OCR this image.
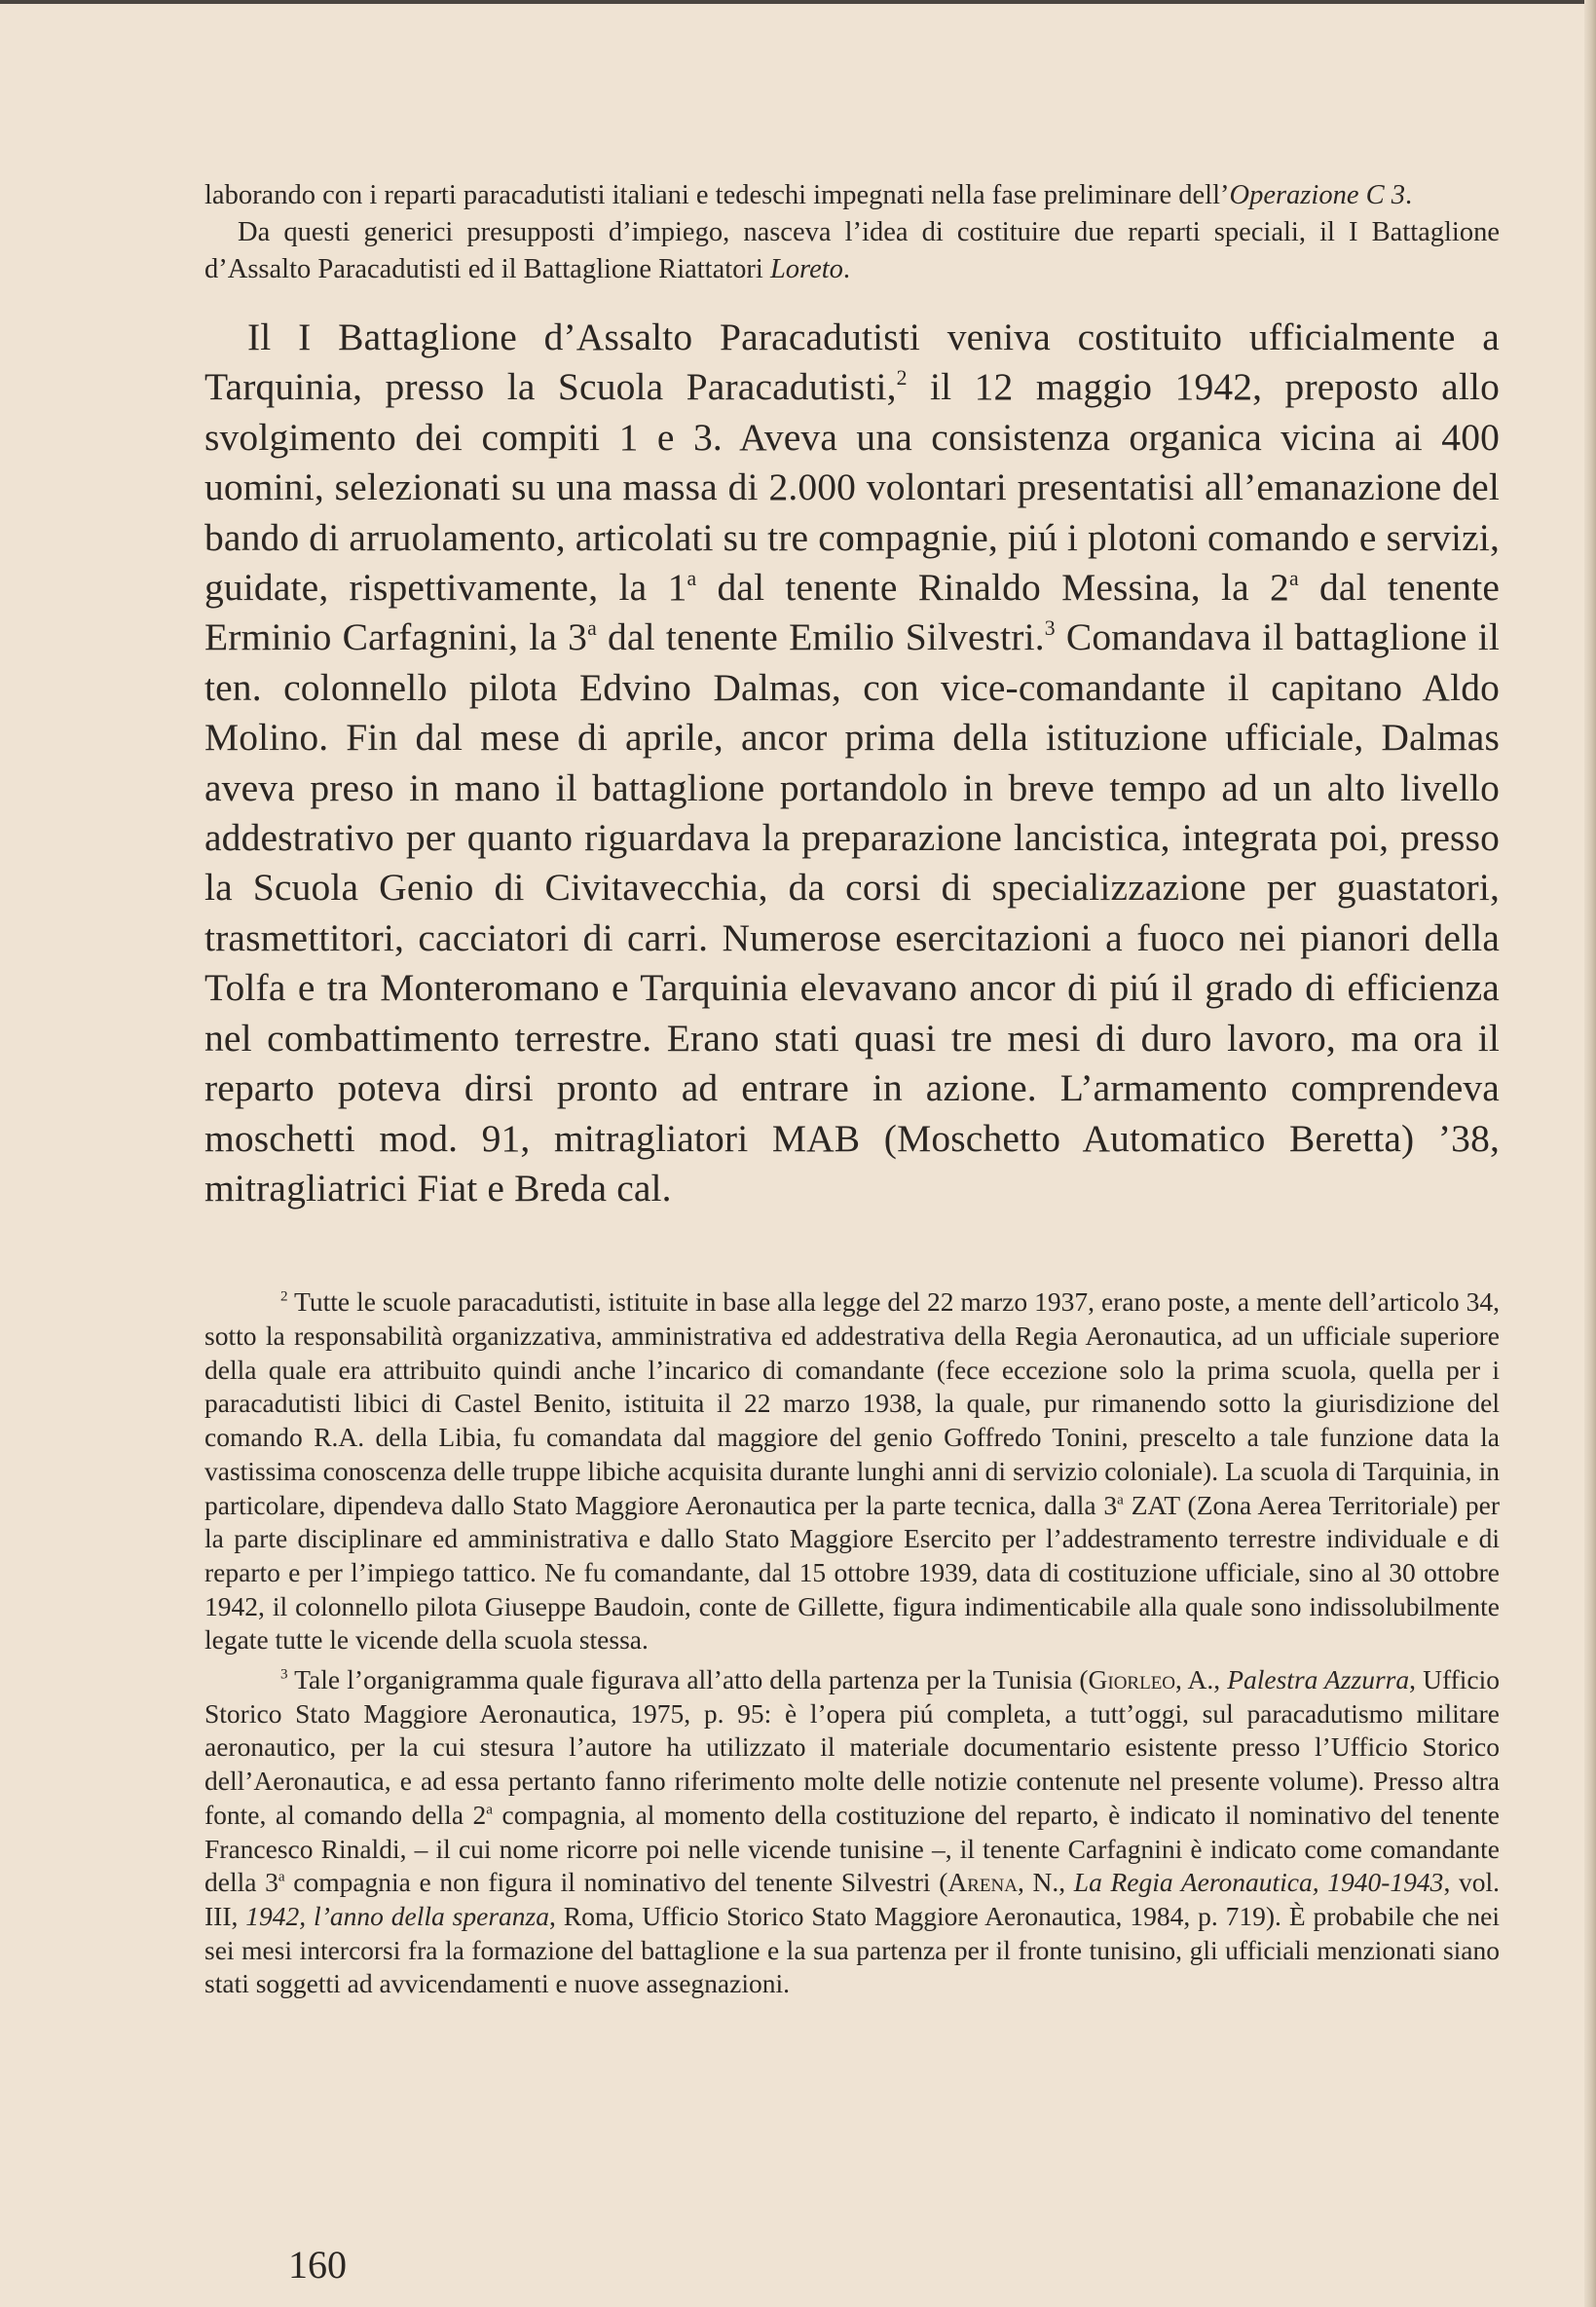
laborando con i reparti paracadutisti italiani e tedeschi impegnati nella fase preliminare dell’Operazione C 3.

Da questi generici presupposti d’impiego, nasceva l’idea di costituire due reparti speciali, il I Battaglione d’Assalto Paracadutisti ed il Battaglione Riattatori Loreto.

Il I Battaglione d’Assalto Paracadutisti veniva costituito ufficialmente a Tarquinia, presso la Scuola Paracadutisti,$^2$ il 12 maggio 1942, preposto allo svolgimento dei compiti 1 e 3. Aveva una consistenza organica vicina ai 400 uomini, selezionati su una massa di 2.000 volontari presentatisi all’emanazione del bando di arruolamento, articolati su tre compagnie, piú i plotoni comando e servizi, guidate, rispettivamente, la 1$^a$ dal tenente Rinaldo Messina, la 2$^a$ dal tenente Erminio Carfagnini, la 3$^a$ dal tenente Emilio Silvestri.$^3$ Comandava il battaglione il ten. colonnello pilota Edvino Dalmas, con vice-comandante il capitano Aldo Molino. Fin dal mese di aprile, ancor prima della istituzione ufficiale, Dalmas aveva preso in mano il battaglione portandolo in breve tempo ad un alto livello addestrativo per quanto riguardava la preparazione lancistica, integrata poi, presso la Scuola Genio di Civitavecchia, da corsi di specializzazione per guastatori, trasmettitori, cacciatori di carri. Numerose esercitazioni a fuoco nei pianori della Tolfa e tra Monteromano e Tarquinia elevavano ancor di piú il grado di efficienza nel combattimento terrestre. Erano stati quasi tre mesi di duro lavoro, ma ora il reparto poteva dirsi pronto ad entrare in azione. L’armamento comprendeva moschetti mod. 91, mitragliatori MAB (Moschetto Automatico Beretta) ’38, mitragliatrici Fiat e Breda cal.

$^2$ Tutte le scuole paracadutisti, istituite in base alla legge del 22 marzo 1937, erano poste, a mente dell’articolo 34, sotto la responsabilità organizzativa, amministrativa ed addestrativa della Regia Aeronautica, ad un ufficiale superiore della quale era attribuito quindi anche l’incarico di comandante (fece eccezione solo la prima scuola, quella per i paracadutisti libici di Castel Benito, istituita il 22 marzo 1938, la quale, pur rimanendo sotto la giurisdizione del comando R.A. della Libia, fu comandata dal maggiore del genio Goffredo Tonini, prescelto a tale funzione data la vastissima conoscenza delle truppe libiche acquisita durante lunghi anni di servizio coloniale). La scuola di Tarquinia, in particolare, dipendeva dallo Stato Maggiore Aeronautica per la parte tecnica, dalla 3$^a$ ZAT (Zona Aerea Territoriale) per la parte disciplinare ed amministrativa e dallo Stato Maggiore Esercito per l’addestramento terrestre individuale e di reparto e per l’impiego tattico. Ne fu comandante, dal 15 ottobre 1939, data di costituzione ufficiale, sino al 30 ottobre 1942, il colonnello pilota Giuseppe Baudoin, conte de Gillette, figura indimenticabile alla quale sono indissolubilmente legate tutte le vicende della scuola stessa.

$^3$ Tale l’organigramma quale figurava all’atto della partenza per la Tunisia (Giorleo, A., Palestra Azzurra, Ufficio Storico Stato Maggiore Aeronautica, 1975, p. 95: è l’opera piú completa, a tutt’oggi, sul paracadutismo militare aeronautico, per la cui stesura l’autore ha utilizzato il materiale documentario esistente presso l’Ufficio Storico dell’Aeronautica, e ad essa pertanto fanno riferimento molte delle notizie contenute nel presente volume). Presso altra fonte, al comando della 2$^a$ compagnia, al momento della costituzione del reparto, è indicato il nominativo del tenente Francesco Rinaldi, – il cui nome ricorre poi nelle vicende tunisine –, il tenente Carfagnini è indicato come comandante della 3$^a$ compagnia e non figura il nominativo del tenente Silvestri (Arena, N., La Regia Aeronautica, 1940-1943, vol. III, 1942, l’anno della speranza, Roma, Ufficio Storico Stato Maggiore Aeronautica, 1984, p. 719). È probabile che nei sei mesi intercorsi fra la formazione del battaglione e la sua partenza per il fronte tunisino, gli ufficiali menzionati siano stati soggetti ad avvicendamenti e nuove assegnazioni.

160
